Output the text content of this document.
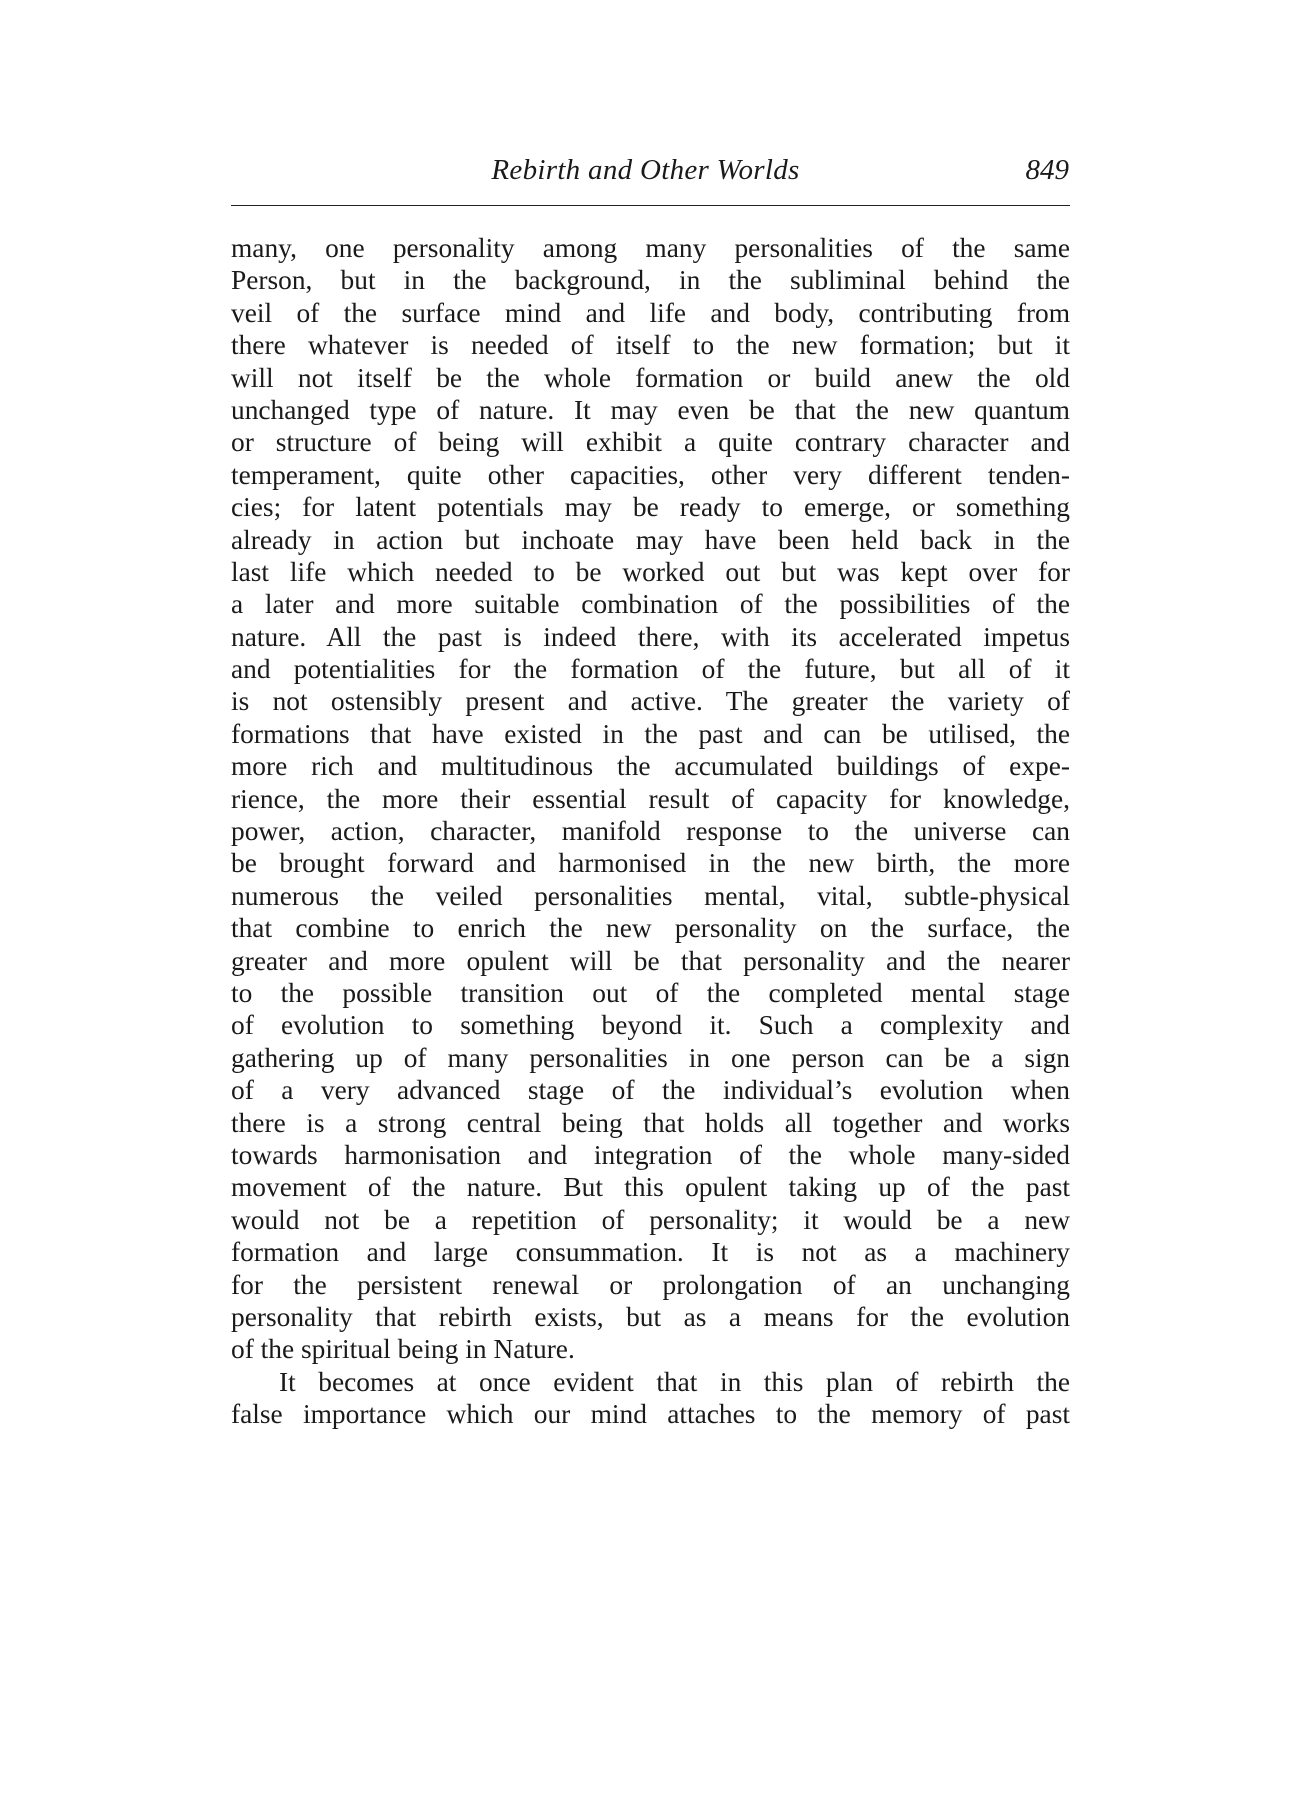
Rebirth and Other Worlds	849
many, one personality among many personalities of the same
Person, but in the background, in the subliminal behind the
veil of the surface mind and life and body, contributing from
there whatever is needed of itself to the new formation; but it
will not itself be the whole formation or build anew the old
unchanged type of nature. It may even be that the new quantum
or structure of being will exhibit a quite contrary character and
temperament, quite other capacities, other very different tenden-
cies; for latent potentials may be ready to emerge, or something
already in action but inchoate may have been held back in the
last life which needed to be worked out but was kept over for
a later and more suitable combination of the possibilities of the
nature. All the past is indeed there, with its accelerated impetus
and potentialities for the formation of the future, but all of it
is not ostensibly present and active. The greater the variety of
formations that have existed in the past and can be utilised, the
more rich and multitudinous the accumulated buildings of expe-
rience, the more their essential result of capacity for knowledge,
power, action, character, manifold response to the universe can
be brought forward and harmonised in the new birth, the more
numerous the veiled personalities mental, vital, subtle-physical
that combine to enrich the new personality on the surface, the
greater and more opulent will be that personality and the nearer
to the possible transition out of the completed mental stage
of evolution to something beyond it. Such a complexity and
gathering up of many personalities in one person can be a sign
of a very advanced stage of the individual’s evolution when
there is a strong central being that holds all together and works
towards harmonisation and integration of the whole many-sided
movement of the nature. But this opulent taking up of the past
would not be a repetition of personality; it would be a new
formation and large consummation. It is not as a machinery
for the persistent renewal or prolongation of an unchanging
personality that rebirth exists, but as a means for the evolution
of the spiritual being in Nature.
It becomes at once evident that in this plan of rebirth the
false importance which our mind attaches to the memory of past
